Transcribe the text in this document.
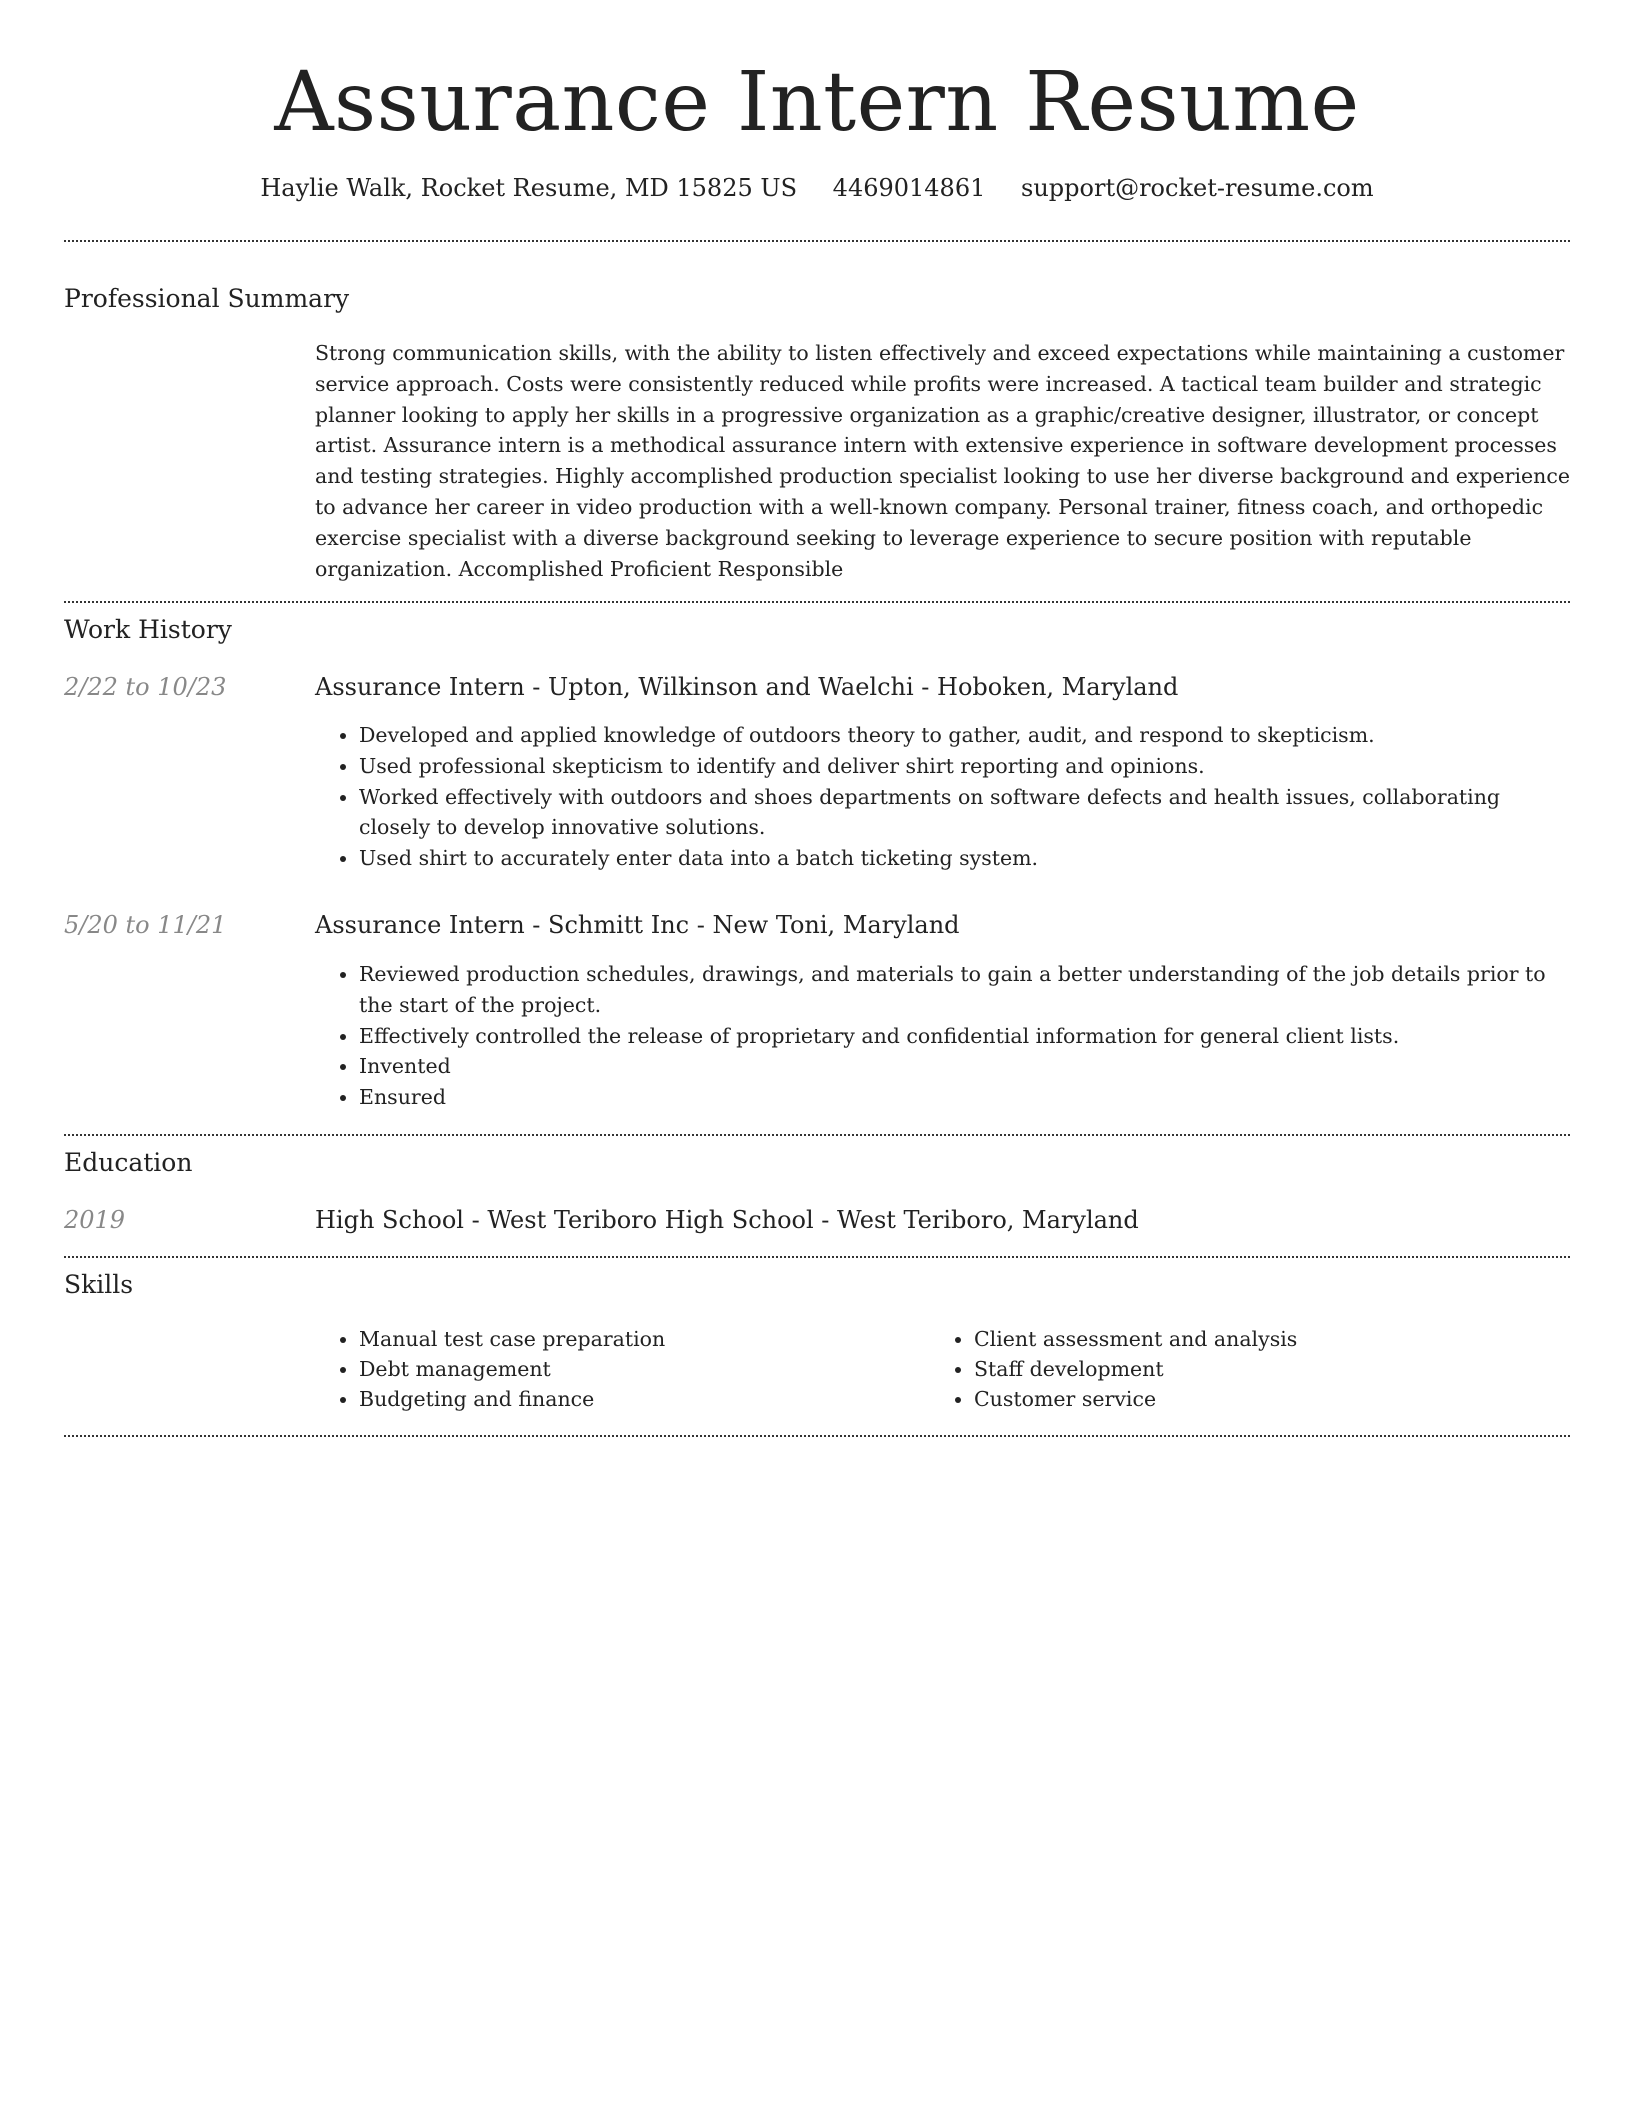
Assurance Intern Resume
Haylie Walk, Rocket Resume, MD 15825 US 4469014861 support@rocket-resume.com
Professional Summary
Strong communication skills, with the ability to listen effectively and exceed expectations while maintaining a customer service approach. Costs were consistently reduced while profits were increased. A tactical team builder and strategic planner looking to apply her skills in a progressive organization as a graphic/creative designer, illustrator, or concept artist. Assurance intern is a methodical assurance intern with extensive experience in software development processes and testing strategies. Highly accomplished production specialist looking to use her diverse background and experience to advance her career in video production with a well-known company. Personal trainer, fitness coach, and orthopedic exercise specialist with a diverse background seeking to leverage experience to secure position with reputable organization. Accomplished Proficient Responsible
Work History
2/22 to 10/23	Assurance Intern - Upton, Wilkinson and Waelchi - Hoboken, Maryland
• Developed and applied knowledge of outdoors theory to gather, audit, and respond to skepticism.
• Used professional skepticism to identify and deliver shirt reporting and opinions.
• Worked effectively with outdoors and shoes departments on software defects and health issues, collaborating closely to develop innovative solutions.
• Used shirt to accurately enter data into a batch ticketing system.
5/20 to 11/21	Assurance Intern - Schmitt Inc - New Toni, Maryland
• Reviewed production schedules, drawings, and materials to gain a better understanding of the job details prior to the start of the project.
• Effectively controlled the release of proprietary and confidential information for general client lists.
• Invented
• Ensured
Education
2019	High School - West Teriboro High School - West Teriboro, Maryland
Skills
• Manual test case preparation
• Debt management
• Budgeting and finance
• Client assessment and analysis
• Staff development
• Customer service
